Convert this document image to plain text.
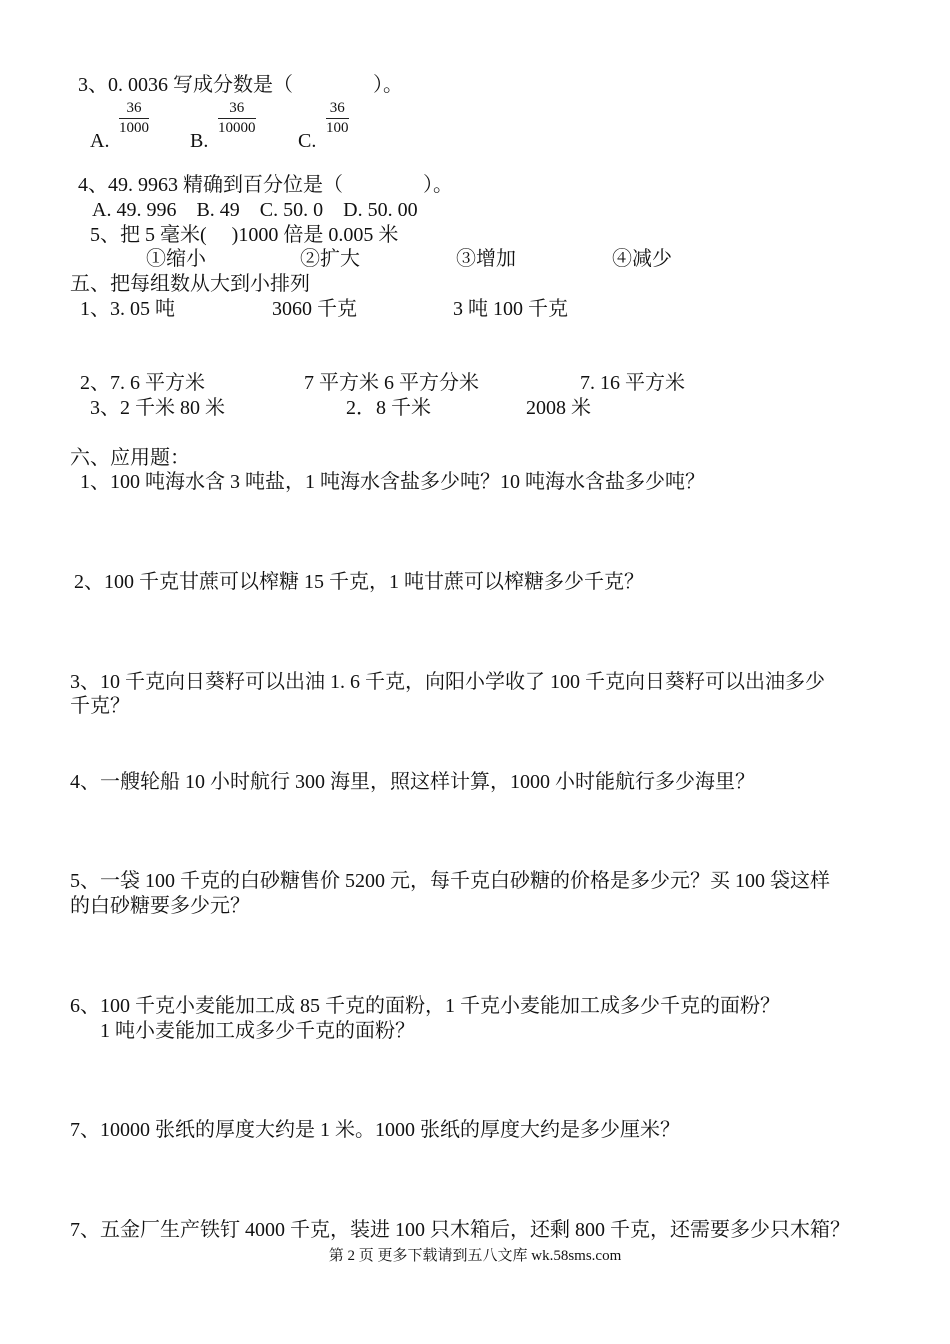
3、0. 0036 写成分数是（　　　　）。
A.
36
1000
B.
36
10000
C.
36
100
4、49. 9963 精确到百分位是（　　　　）。
A. 49. 996    B. 49    C. 50. 0    D. 50. 00
5、把 5 毫米(     )1000 倍是 0.005 米
①缩小	②扩大	③增加	④减少
五、把每组数从大到小排列
1、3. 05 吨	3060 千克	3 吨 100 千克
2、7. 6 平方米	7 平方米 6 平方分米	7. 16 平方米
3、2 千米 80 米	2．8 千米	2008 米
六、应用题：
1、100 吨海水含 3 吨盐，1 吨海水含盐多少吨？10 吨海水含盐多少吨？
2、100 千克甘蔗可以榨糖 15 千克，1 吨甘蔗可以榨糖多少千克？
3、10 千克向日葵籽可以出油 1. 6 千克，向阳小学收了 100 千克向日葵籽可以出油多少
千克？
4、一艘轮船 10 小时航行 300 海里，照这样计算，1000 小时能航行多少海里？
5、一袋 100 千克的白砂糖售价 5200 元，每千克白砂糖的价格是多少元？买 100 袋这样
的白砂糖要多少元？
6、100 千克小麦能加工成 85 千克的面粉，1 千克小麦能加工成多少千克的面粉？
1 吨小麦能加工成多少千克的面粉？
7、10000 张纸的厚度大约是 1 米。1000 张纸的厚度大约是多少厘米？
7、五金厂生产铁钉 4000 千克，装进 100 只木箱后，还剩 800 千克，还需要多少只木箱？
第 2 页 更多下载请到五八文库 wk.58sms.com
